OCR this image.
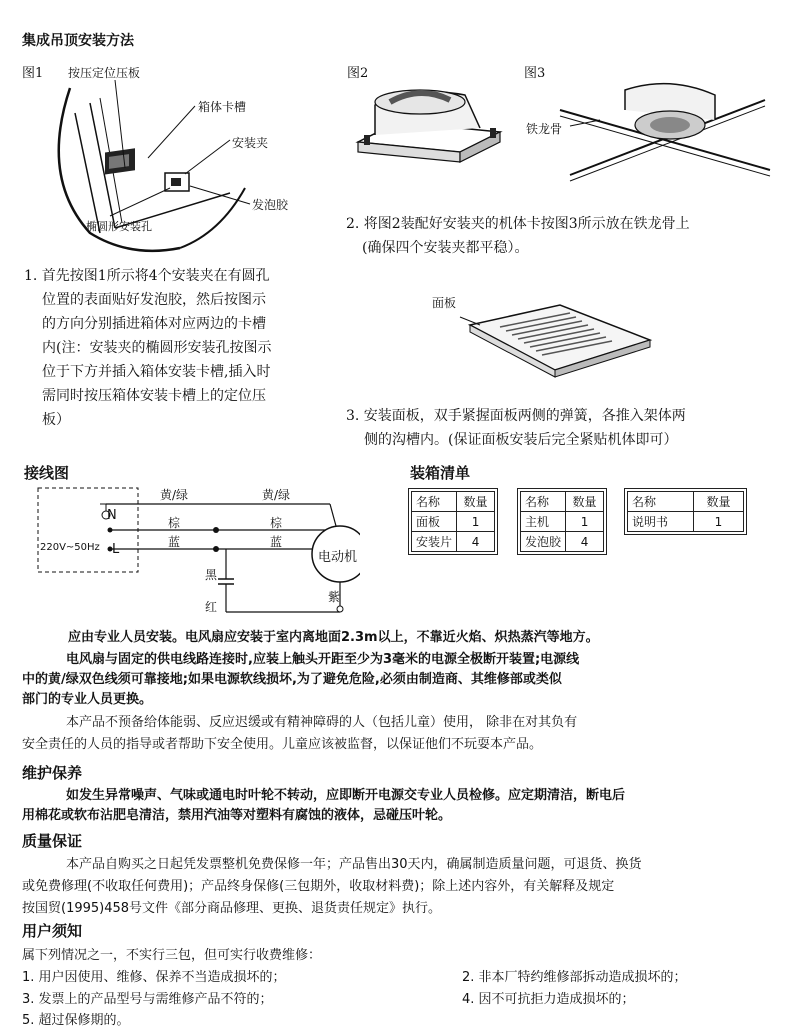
集成吊顶安装方法
图1 按压定位压板
箱体卡槽
安装夹
发泡胶
椭圆形安装孔
图2	图3
铁龙骨
2. 将图2装配好安装夹的机体卡按图3所示放在铁龙骨上
(确保四个安装夹都平稳）。
1. 首先按图1所示将4个安装夹在有圆孔
位置的表面贴好发泡胶，然后按图示
的方向分别插进箱体对应两边的卡槽
内(注：安装夹的椭圆形安装孔按图示
位于下方并插入箱体安装卡槽,插入时
需同时按压箱体安装卡槽上的定位压
板）
面板
3. 安装面板，双手紧握面板两侧的弹簧，各推入架体两
侧的沟槽内。(保证面板安装后完全紧贴机体即可）
接线图
N
L
220V~50Hz
黄/绿
棕
蓝
黄/绿
棕
蓝
电动机
黑
红
紫
装箱清单
名称	数量
面板	1
安装片	4
名称	数量
主机	1
发泡胶	4
名称	数量
说明书	1
应由专业人员安装。电风扇应安装于室内离地面2.3m以上，不靠近火焰、炽热蒸汽等地方。
电风扇与固定的供电线路连接时,应装上触头开距至少为3毫米的电源全极断开装置;电源线
中的黄/绿双色线须可靠接地;如果电源软线损坏,为了避免危险,必须由制造商、其维修部或类似
部门的专业人员更换。
本产品不预备给体能弱、反应迟缓或有精神障碍的人（包括儿童）使用， 除非在对其负有
安全责任的人员的指导或者帮助下安全使用。儿童应该被监督，以保证他们不玩耍本产品。
维护保养
如发生异常噪声、气味或通电时叶轮不转动，应即断开电源交专业人员检修。应定期清洁，断电后
用棉花或软布沾肥皂清洁，禁用汽油等对塑料有腐蚀的液体，忌碰压叶轮。
质量保证
本产品自购买之日起凭发票整机免费保修一年；产品售出30天内，确属制造质量问题，可退货、换货
或免费修理(不收取任何费用)；产品终身保修(三包期外，收取材料费)；除上述内容外，有关解释及规定
按国贸(1995)458号文件《部分商品修理、更换、退货责任规定》执行。
用户须知
属下列情况之一，不实行三包，但可实行收费维修：
1. 用户因使用、维修、保养不当造成损坏的；	2. 非本厂特约维修部拆动造成损坏的；
3. 发票上的产品型号与需维修产品不符的；	4. 因不可抗拒力造成损坏的；
5. 超过保修期的。
